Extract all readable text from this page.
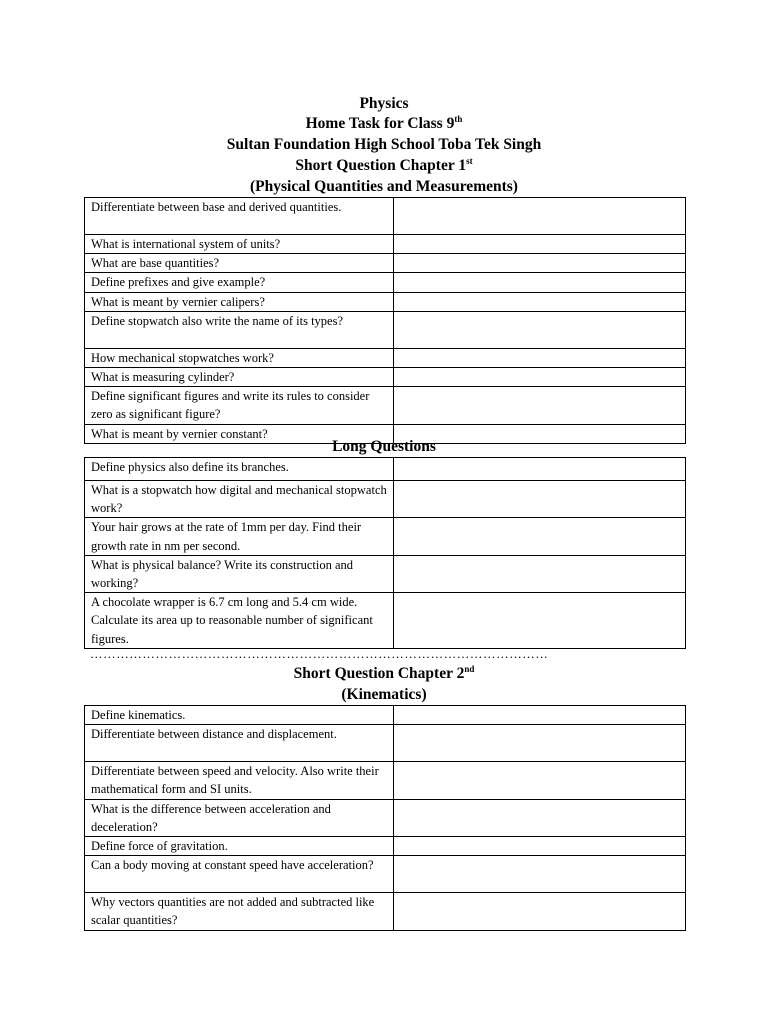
Physics
Home Task for Class 9th
Sultan Foundation High School Toba Tek Singh
Short Question Chapter 1st
(Physical Quantities and Measurements)
Differentiate between base and derived quantities.	
What is international system of units?	
What are base quantities?	
Define prefixes and give example?	
What is meant by vernier calipers?	
Define stopwatch also write the name of its types?	
How mechanical stopwatches work?	
What is measuring cylinder?	
Define significant figures and write its rules to consider zero as significant figure?	
What is meant by vernier constant?	
Long Questions
Define physics also define its branches.	
What is a stopwatch how digital and mechanical stopwatch work?	
Your hair grows at the rate of 1mm per day. Find their growth rate in nm per second.	
What is physical balance? Write its construction and working?	
A chocolate wrapper is 6.7 cm long and 5.4 cm wide. Calculate its area up to reasonable number of significant figures.	
……………………………………………………………………………………………
Short Question Chapter 2nd
(Kinematics)
Define kinematics.	
Differentiate between distance and displacement.	
Differentiate between speed and velocity. Also write their mathematical form and SI units.	
What is the difference between acceleration and deceleration?	
Define force of gravitation.	
Can a body moving at constant speed have acceleration?	
Why vectors quantities are not added and subtracted like scalar quantities?	
